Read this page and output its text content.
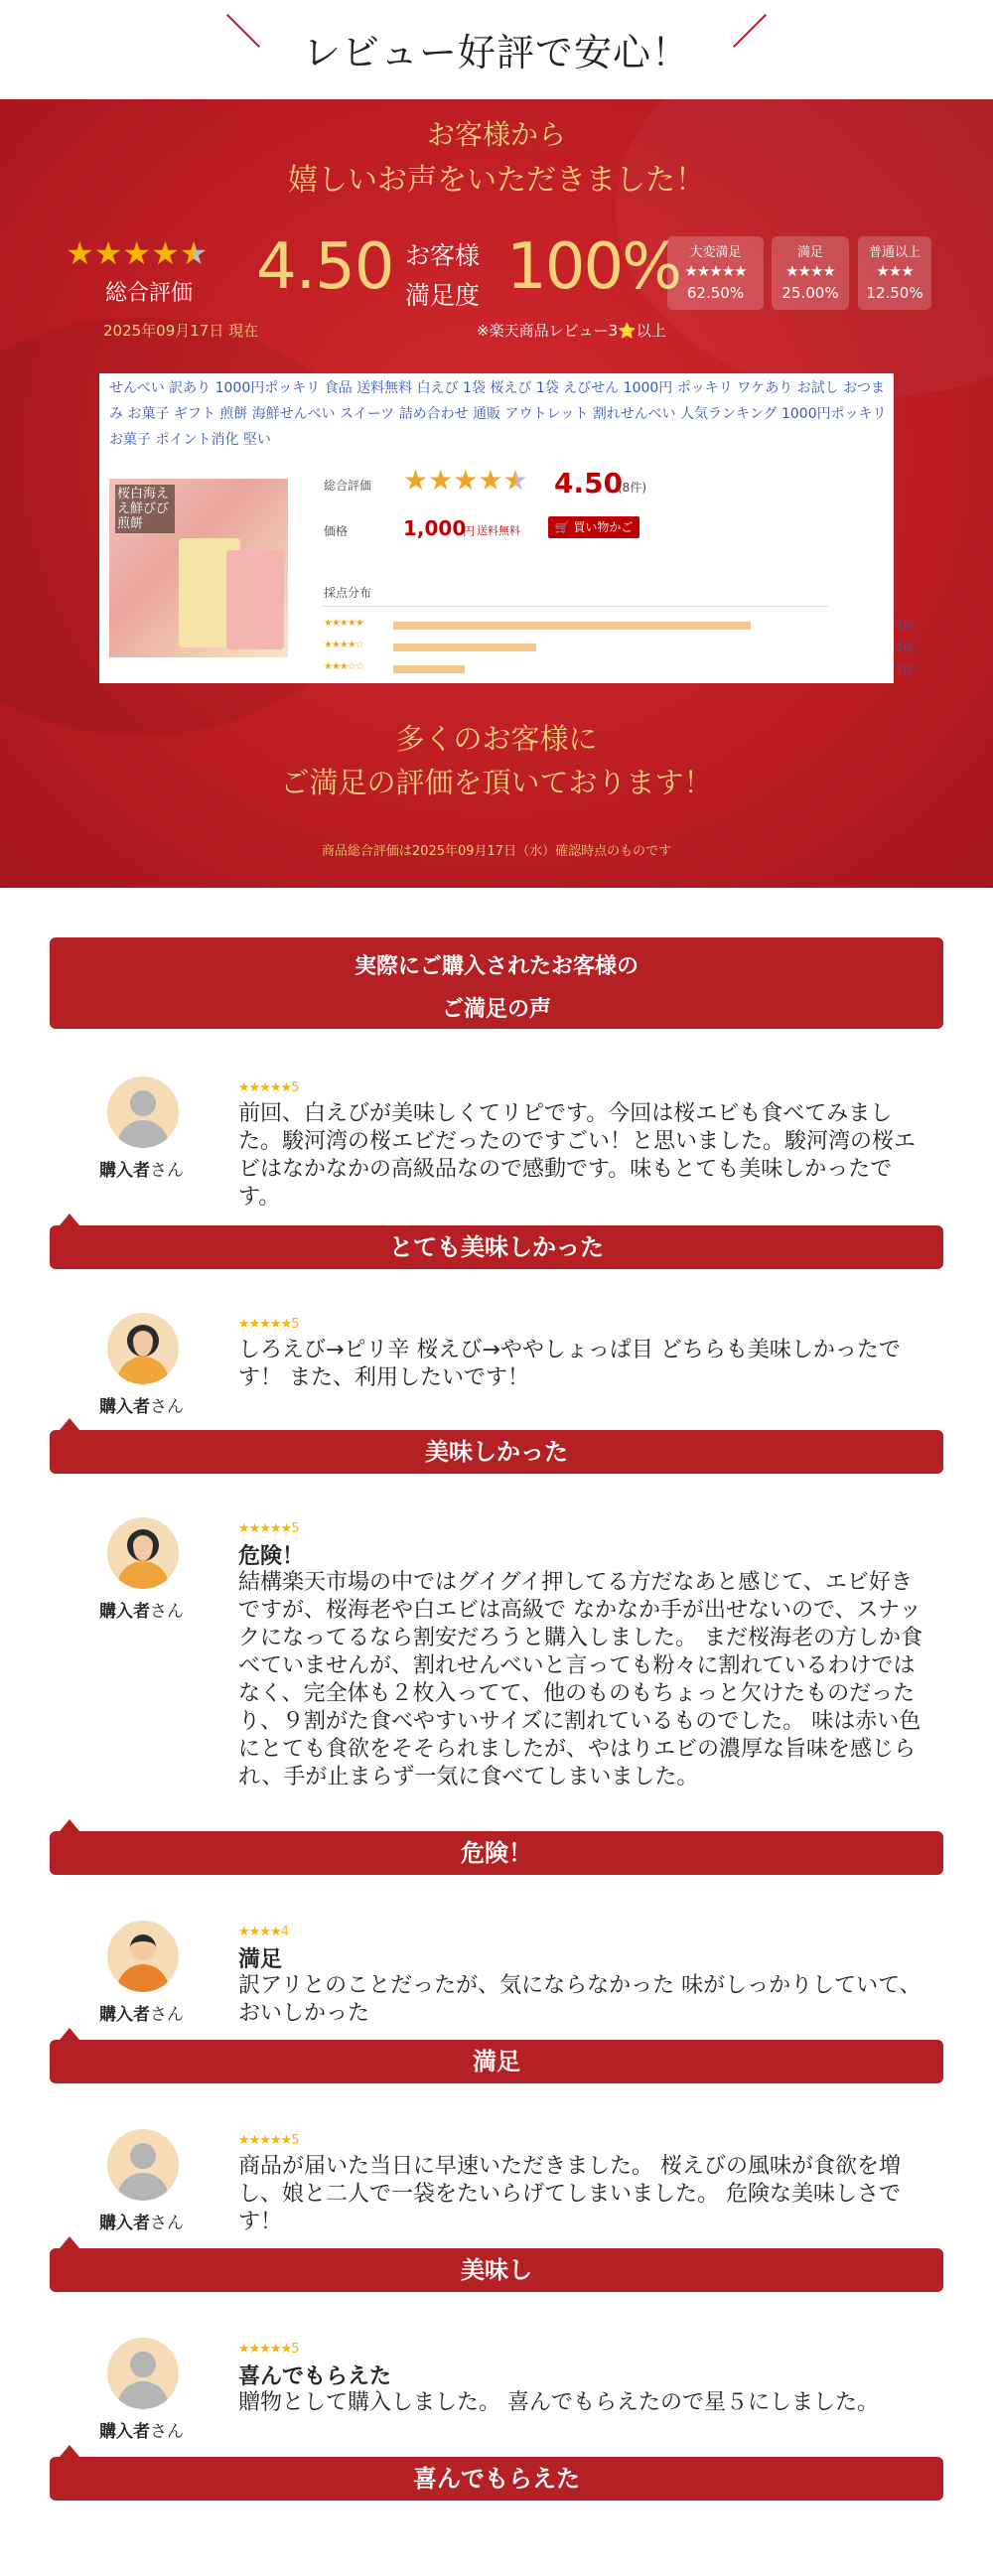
レビュー好評で安心！
お客様から
嬉しいお声をいただきました！
★★★★★
総合評価
2025年09月17日 現在
4.50 お客様
満足度 100%
※楽天商品レビュー3⭐以上
大変満足
★★★★★
62.50%
満足
★★★★
25.00%
普通以上
★★★
12.50%
せんべい 訳あり 1000円ポッキリ 食品 送料無料 白えび 1袋 桜えび 1袋 えびせん 1000円 ポッキリ ワケあり お試し おつまみ お菓子 ギフト 煎餅 海鮮せんべい スイーツ 詰め合わせ 通販 アウトレット 割れせんべい 人気ランキング 1000円ポッキリお菓子 ポイント消化 堅い
桜白海ええ鮮びび煎餅
総合評価 ★★★★★ 4.50
(8件)
価格	1,000
円 送料無料	🛒 買い物かご
採点分布
★★★★★	5件
★★★★☆	2件
★★★☆☆	1件
多くのお客様に
ご満足の評価を頂いております！
商品総合評価は2025年09月17日（水）確認時点のものです
実際にご購入されたお客様の
ご満足の声
購入者さん
★★★★★5
前回、白えびが美味しくてリピです。今回は桜エビも食べてみました。駿河湾の桜エビだったのですごい！と思いました。駿河湾の桜エビはなかなかの高級品なので感動です。味もとても美味しかったです。
とても美味しかった
購入者さん
★★★★★5
しろえび→ピリ辛 桜えび→ややしょっぱ目 どちらも美味しかったです！ また、利用したいです！
美味しかった
購入者さん
★★★★★5
危険！
結構楽天市場の中ではグイグイ押してる方だなあと感じて、エビ好きですが、桜海老や白エビは高級で なかなか手が出せないので、スナックになってるなら割安だろうと購入しました。 まだ桜海老の方しか食べていませんが、割れせんべいと言っても粉々に割れているわけではなく、完全体も２枚入ってて、他のものもちょっと欠けたものだったり、９割がた食べやすいサイズに割れているものでした。 味は赤い色にとても食欲をそそられましたが、やはりエビの濃厚な旨味を感じられ、手が止まらず一気に食べてしまいました。
危険！
購入者さん
★★★★4
満足
訳アリとのことだったが、気にならなかった 味がしっかりしていて、おいしかった
満足
購入者さん
★★★★★5
商品が届いた当日に早速いただきました。 桜えびの風味が食欲を増し、娘と二人で一袋をたいらげてしまいました。 危険な美味しさです！
美味し
購入者さん
★★★★★5
喜んでもらえた
贈物として購入しました。 喜んでもらえたので星５にしました。
喜んでもらえた
